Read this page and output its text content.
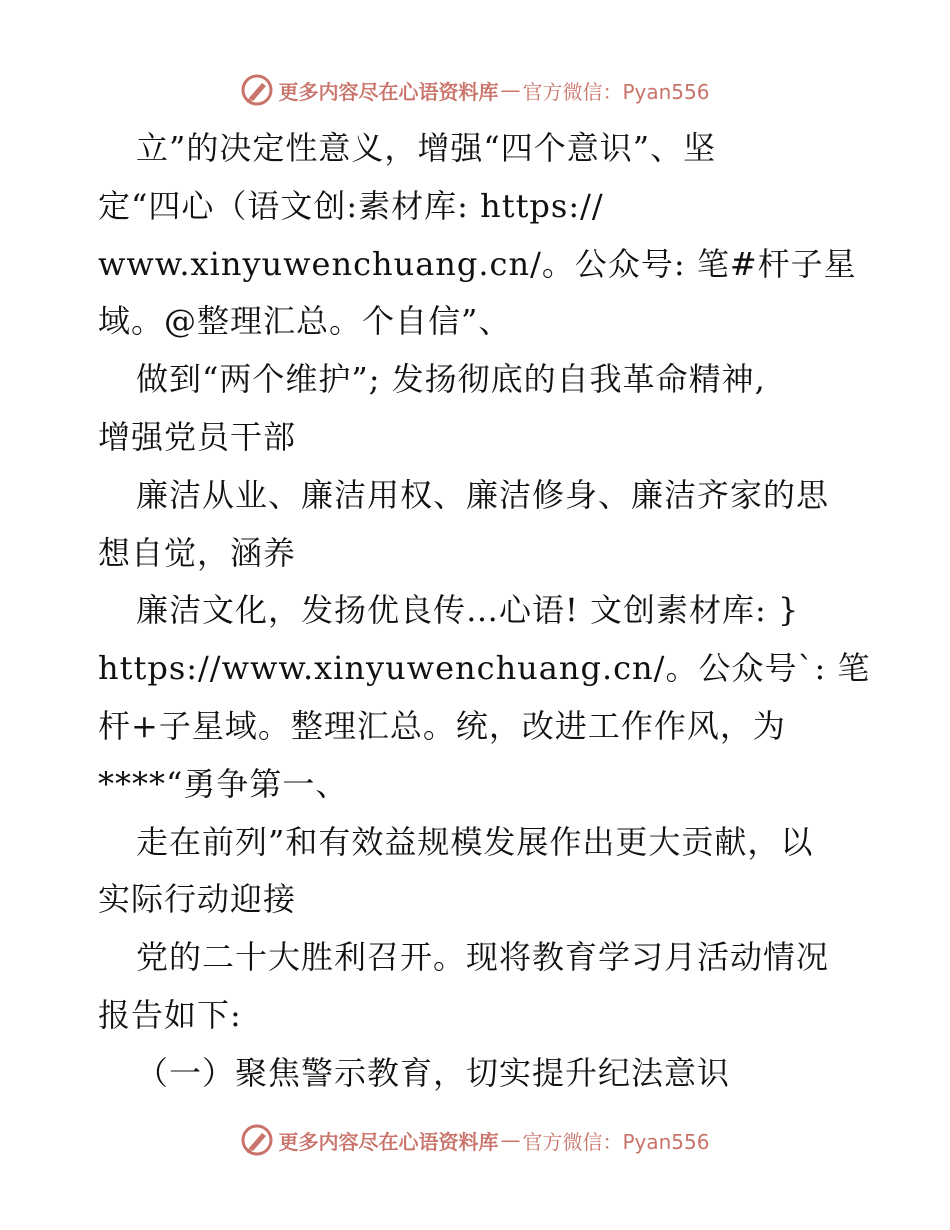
更多内容尽在心语资料库 — 官方微信：Pyan556
立”的决定性意义，增强“四个意识”、坚
定“四心（语文创:素材库: https://
www.xinyuwenchuang.cn/。公众号: 笔#杆子星
域。@整理汇总。个自信”、
做到“两个维护”; 发扬彻底的自我革命精神,
增强党员干部
廉洁从业、廉洁用权、廉洁修身、廉洁齐家的思
想自觉，涵养
廉洁文化，发扬优良传…心语! 文创素材库: }
https://www.xinyuwenchuang.cn/。公众号`: 笔
杆+子星域。整理汇总。统，改进工作作风，为
****“勇争第一、
走在前列”和有效益规模发展作出更大贡献，以
实际行动迎接
党的二十大胜利召开。现将教育学习月活动情况
报告如下:
（一）聚焦警示教育，切实提升纪法意识
更多内容尽在心语资料库 — 官方微信：Pyan556
